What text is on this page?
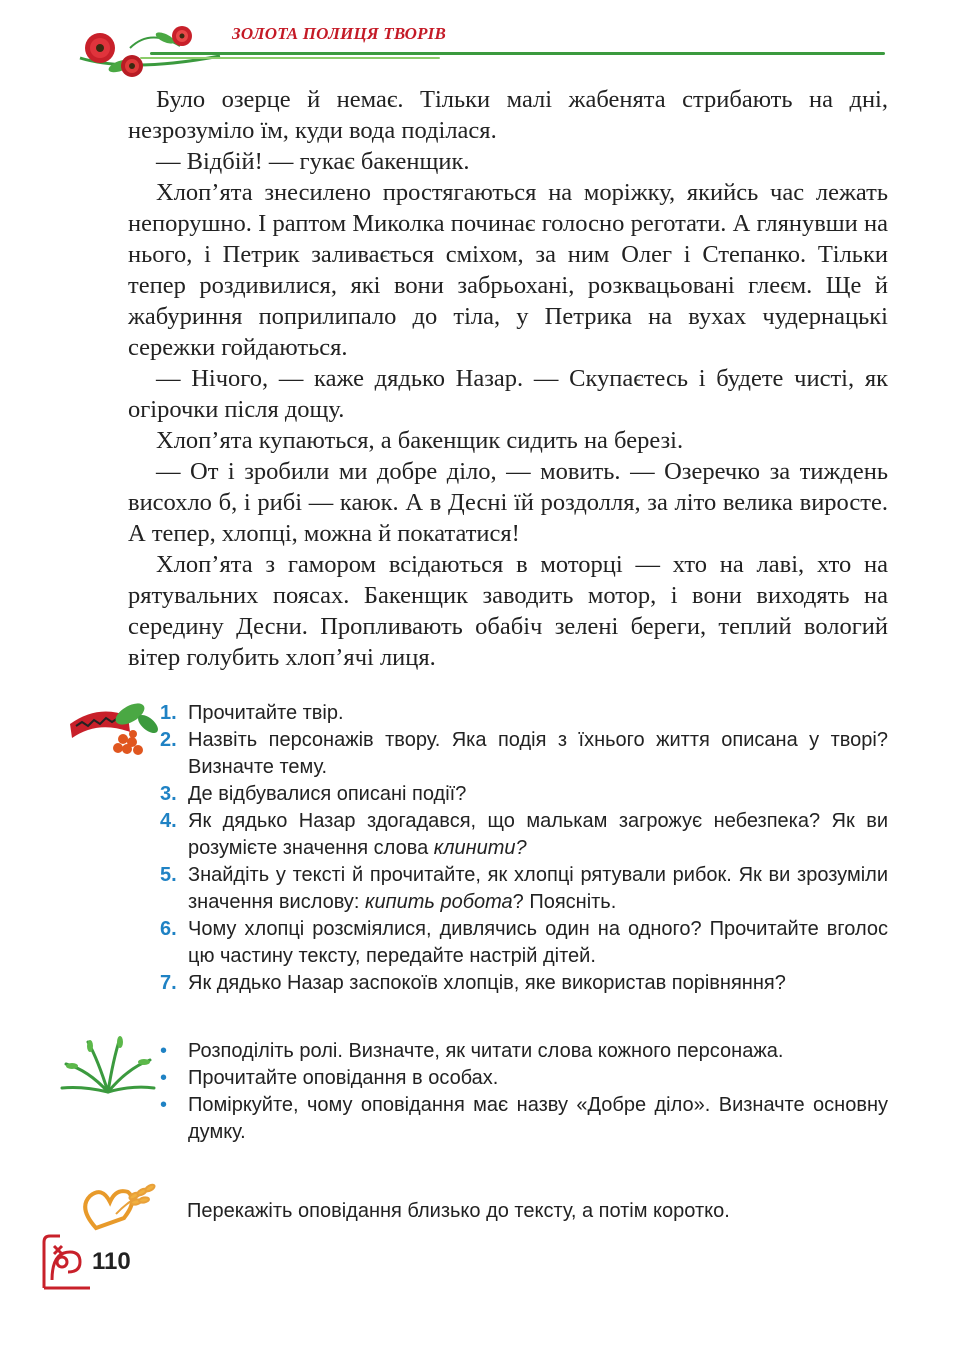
ЗОЛОТА ПОЛИЦЯ ТВОРІВ

Було озерце й немає. Тільки малі жабенята стрибають на дні, незрозуміло їм, куди вода поділася.

— Відбій! — гукає бакенщик.

Хлоп’ята знесилено простягаються на моріжку, якийсь час лежать непорушно. І раптом Миколка починає голосно реготати. А глянувши на нього, і Петрик заливається сміхом, за ним Олег і Степанко. Тільки тепер роздивилися, які вони забрьохані, розквацьовані глеєм. Ще й жабуриння поприлипало до тіла, у Петрика на вухах чудернацькі сережки гойдаються.

— Нічого, — каже дядько Назар. — Скупаєтесь і будете чисті, як огірочки після дощу.

Хлоп’ята купаються, а бакенщик сидить на березі.

— От і зробили ми добре діло, — мовить. — Озеречко за тиждень висохло б, і рибі — каюк. А в Десні їй роздолля, за літо велика виросте. А тепер, хлопці, можна й покататися!

Хлоп’ята з гамором всідаються в моторці — хто на лаві, хто на рятувальних поясах. Бакенщик заводить мотор, і вони виходять на середину Десни. Пропливають обабіч зелені береги, теплий вологий вітер голубить хлоп’ячі лиця.

1. Прочитайте твір.
2. Назвіть персонажів твору. Яка подія з їхнього життя описана у творі? Визначте тему.
3. Де відбувалися описані події?
4. Як дядько Назар здогадався, що малькам загрожує небезпека? Як ви розумієте значення слова клинити?
5. Знайдіть у тексті й прочитайте, як хлопці рятували рибок. Як ви зрозуміли значення вислову: кипить робота? Поясніть.
6. Чому хлопці розсміялися, дивлячись один на одного? Прочитайте вголос цю частину тексту, передайте настрій дітей.
7. Як дядько Назар заспокоїв хлопців, яке використав порівняння?
•	Розподіліть ролі. Визначте, як читати слова кожного персонажа.
•	Прочитайте оповідання в особах.
•	Поміркуйте, чому оповідання має назву «Добре діло». Визначте основну думку.
Перекажіть оповідання близько до тексту, а потім коротко.
110
